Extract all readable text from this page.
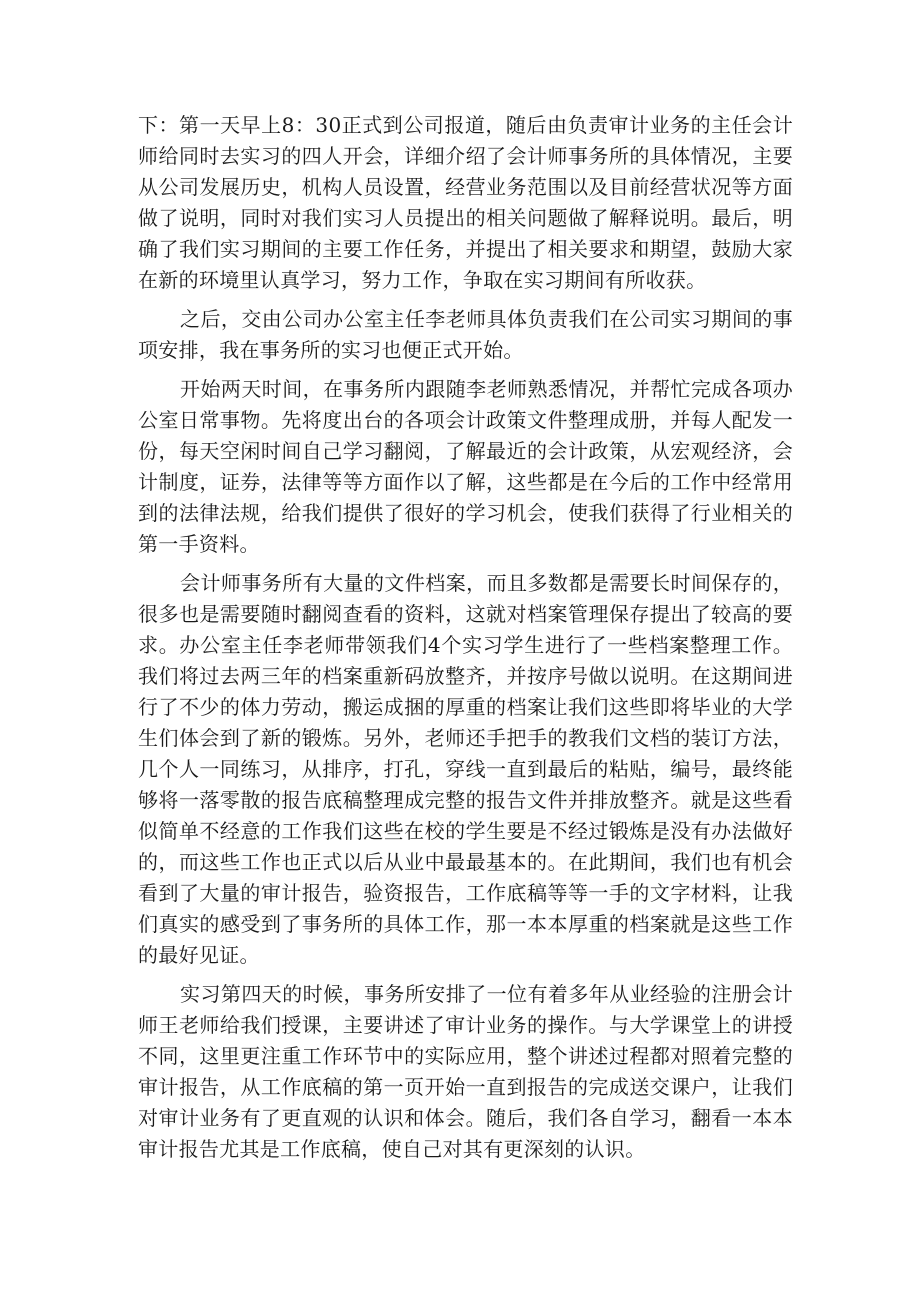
下：第一天早上8：30正式到公司报道，随后由负责审计业务的主任会计师给同时去实习的四人开会，详细介绍了会计师事务所的具体情况，主要从公司发展历史，机构人员设置，经营业务范围以及目前经营状况等方面做了说明，同时对我们实习人员提出的相关问题做了解释说明。最后，明确了我们实习期间的主要工作任务，并提出了相关要求和期望，鼓励大家在新的环境里认真学习，努力工作，争取在实习期间有所收获。

之后，交由公司办公室主任李老师具体负责我们在公司实习期间的事项安排，我在事务所的实习也便正式开始。

开始两天时间，在事务所内跟随李老师熟悉情况，并帮忙完成各项办公室日常事物。先将度出台的各项会计政策文件整理成册，并每人配发一份，每天空闲时间自己学习翻阅，了解最近的会计政策，从宏观经济，会计制度，证券，法律等等方面作以了解，这些都是在今后的工作中经常用到的法律法规，给我们提供了很好的学习机会，使我们获得了行业相关的第一手资料。

会计师事务所有大量的文件档案，而且多数都是需要长时间保存的，很多也是需要随时翻阅查看的资料，这就对档案管理保存提出了较高的要求。办公室主任李老师带领我们4个实习学生进行了一些档案整理工作。我们将过去两三年的档案重新码放整齐，并按序号做以说明。在这期间进行了不少的体力劳动，搬运成捆的厚重的档案让我们这些即将毕业的大学生们体会到了新的锻炼。另外，老师还手把手的教我们文档的装订方法，几个人一同练习，从排序，打孔，穿线一直到最后的粘贴，编号，最终能够将一落零散的报告底稿整理成完整的报告文件并排放整齐。就是这些看似简单不经意的工作我们这些在校的学生要是不经过锻炼是没有办法做好的，而这些工作也正式以后从业中最最基本的。在此期间，我们也有机会看到了大量的审计报告，验资报告，工作底稿等等一手的文字材料，让我们真实的感受到了事务所的具体工作，那一本本厚重的档案就是这些工作的最好见证。

实习第四天的时候，事务所安排了一位有着多年从业经验的注册会计师王老师给我们授课，主要讲述了审计业务的操作。与大学课堂上的讲授不同，这里更注重工作环节中的实际应用，整个讲述过程都对照着完整的审计报告，从工作底稿的第一页开始一直到报告的完成送交课户，让我们对审计业务有了更直观的认识和体会。随后，我们各自学习，翻看一本本审计报告尤其是工作底稿，使自己对其有更深刻的认识。
